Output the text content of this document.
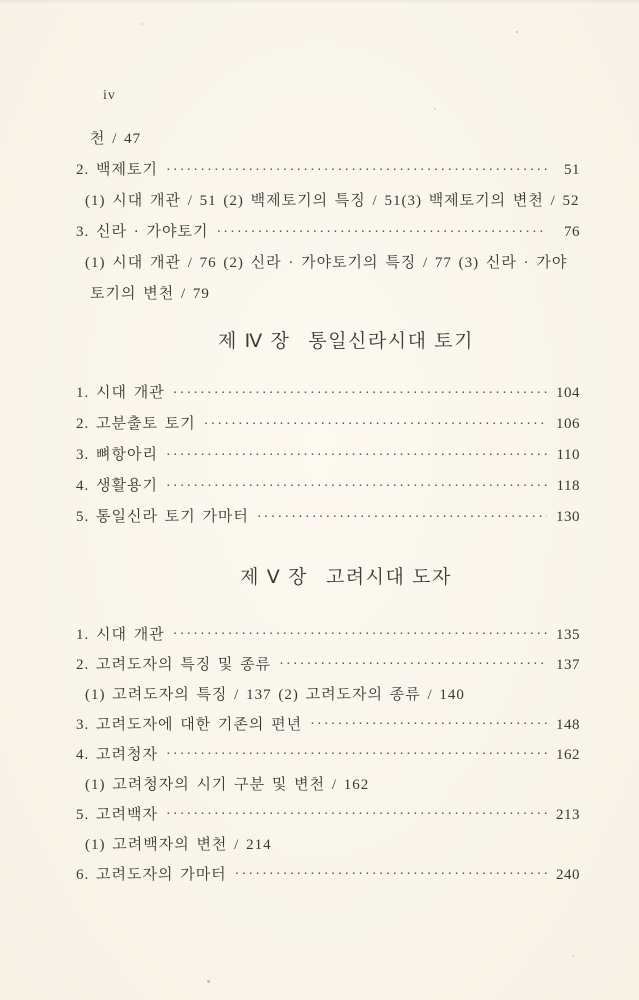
iv
천 / 47
2. 백제토기 ·····	51
(1) 시대 개관 / 51 (2) 백제토기의 특징 / 51(3) 백제토기의 변천 / 52
3. 신라 · 가야토기 ·····	76
(1) 시대 개관 / 76 (2) 신라 · 가야토기의 특징 / 77 (3) 신라 · 가야
토기의 변천 / 79
제 Ⅳ 장 통일신라시대 토기
1. 시대 개관 ·····	104
2. 고분출토 토기 ·····	106
3. 뼈항아리 ·····	110
4. 생활용기 ·····	118
5. 통일신라 토기 가마터 ·····	130
제 Ⅴ 장 고려시대 도자
1. 시대 개관 ·····	135
2. 고려도자의 특징 및 종류 ·····	137
(1) 고려도자의 특징 / 137 (2) 고려도자의 종류 / 140
3. 고려도자에 대한 기존의 편년 ·····	148
4. 고려청자 ·····	162
(1) 고려청자의 시기 구분 및 변천 / 162
5. 고려백자 ·····	213
(1) 고려백자의 변천 / 214
6. 고려도자의 가마터 ·····	240
